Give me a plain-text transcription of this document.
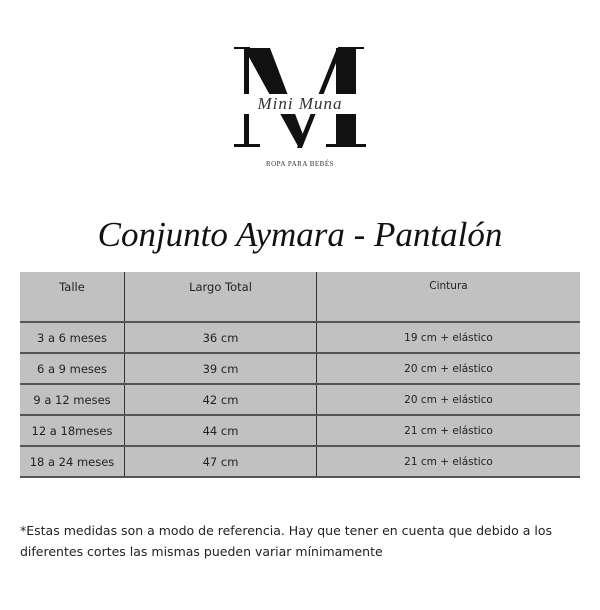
Mini Muna
ROPA PARA BEBÉS
Conjunto Aymara - Pantalón
Talle	Largo Total	Cintura
3 a 6 meses	36 cm	19 cm + elástico
6 a 9 meses	39 cm	20 cm + elástico
9 a 12 meses	42 cm	20 cm + elástico
12 a 18meses	44 cm	21 cm + elástico
18 a 24 meses	47 cm	21 cm + elástico
*Estas medidas son a modo de referencia. Hay que tener en cuenta que debido a los diferentes cortes las mismas pueden variar mínimamente
